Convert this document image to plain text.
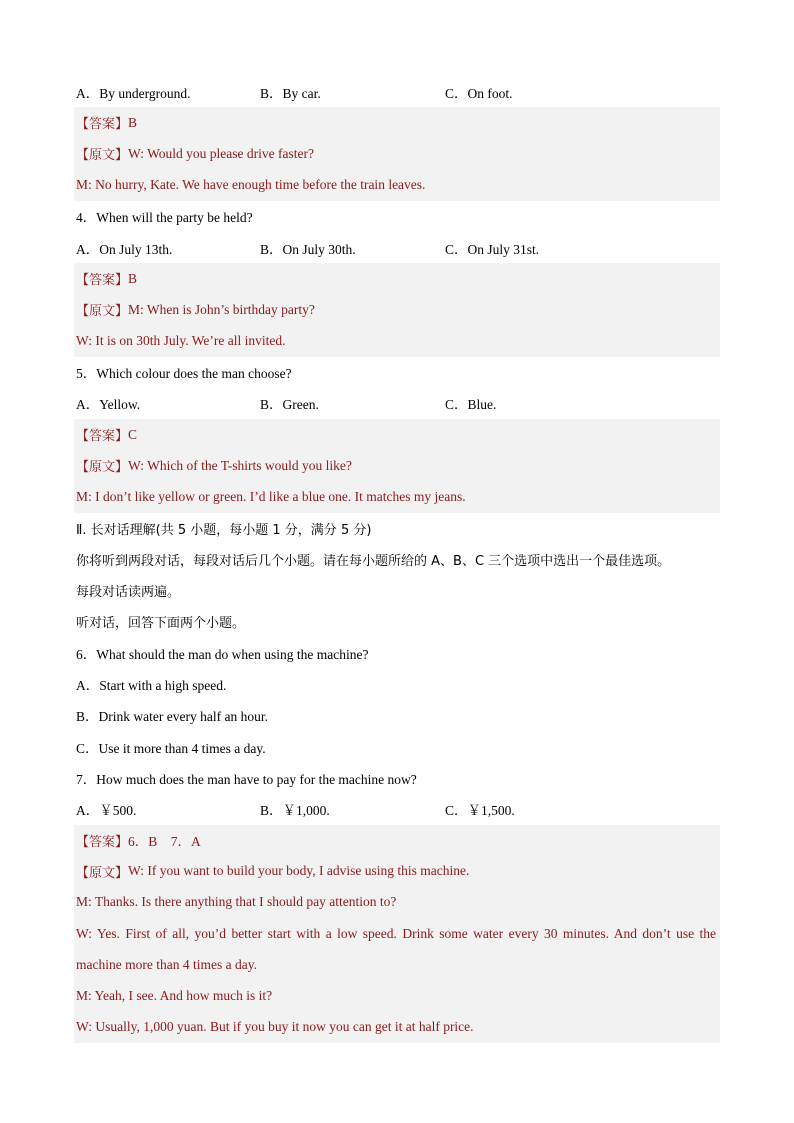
A．By underground.	B．By car.	C．On foot.
【答案】 B
【原文】 W: Would you please drive faster?
M: No hurry, Kate. We have enough time before the train leaves.
4．When will the party be held?
A．On July 13th.	B．On July 30th.	C．On July 31st.
【答案】 B
【原文】 M: When is John’s birthday party?
W: It is on 30th July. We’re all invited.
5．Which colour does the man choose?
A．Yellow.	B．Green.	C．Blue.
【答案】 C
【原文】 W: Which of the T-shirts would you like?
M: I don’t like yellow or green. I’d like a blue one. It matches my jeans.
Ⅱ. 长对话理解(共 5 小题，每小题 1 分，满分 5 分)
你将听到两段对话，每段对话后几个小题。请在每小题所给的 A、B、C 三个选项中选出一个最佳选项。
每段对话读两遍。
听对话，回答下面两个小题。
6．What should the man do when using the machine?
A．Start with a high speed.
B．Drink water every half an hour.
C．Use it more than 4 times a day.
7．How much does the man have to pay for the machine now?
A．￥500.	B．￥1,000.	C．￥1,500.
【答案】 6．B　7．A
【原文】 W: If you want to build your body, I advise using this machine.
M: Thanks. Is there anything that I should pay attention to?
W: Yes. First of all, you’d better start with a low speed. Drink some water every 30 minutes. And don’t use the
machine more than 4 times a day.
M: Yeah, I see. And how much is it?
W: Usually, 1,000 yuan. But if you buy it now you can get it at half price.
